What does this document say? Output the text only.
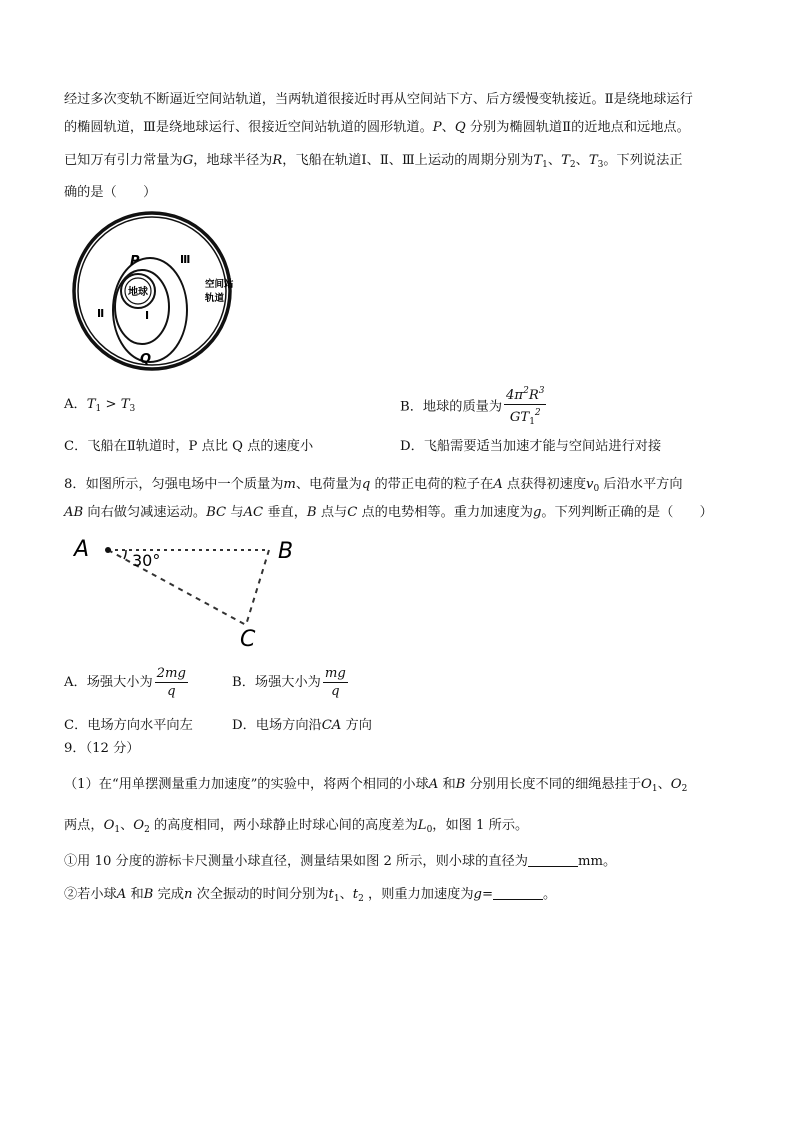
经过多次变轨不断逼近空间站轨道，当两轨道很接近时再从空间站下方、后方缓慢变轨接近。Ⅱ是绕地球运行
的椭圆轨道，Ⅲ是绕地球运行、很接近空间站轨道的圆形轨道。P、Q 分别为椭圆轨道Ⅱ的近地点和远地点。
已知万有引力常量为G，地球半径为R，飞船在轨道Ⅰ、Ⅱ、Ⅲ上运动的周期分别为$T_1$、$T_2$、$T_3$。下列说法正
确的是（　　）
地球
P
Q
Ⅰ
Ⅱ
Ⅲ
空间站
轨道
A．$T_1 > T_3$	B．地球的质量为 $\frac{4\pi^2R^3}{GT_1^2}$
C．飞船在Ⅱ轨道时，P 点比 Q 点的速度小	D．飞船需要适当加速才能与空间站进行对接
8．如图所示，匀强电场中一个质量为m、电荷量为q 的带正电荷的粒子在A 点获得初速度$v_0$ 后沿水平方向
AB 向右做匀减速运动。BC 与AC 垂直，B 点与C 点的电势相等。重力加速度为g。下列判断正确的是（　　）
A	B
C
30°
A．场强大小为 $\frac{2mg}{q}$	B．场强大小为 $\frac{mg}{q}$
C．电场方向水平向左	D．电场方向沿CA 方向
9．（12 分）
（1）在“用单摆测量重力加速度”的实验中，将两个相同的小球A 和B 分别用长度不同的细绳悬挂于$O_1$、$O_2$
两点，$O_1$、$O_2$ 的高度相同，两小球静止时球心间的高度差为$L_0$，如图 1 所示。
①用 10 分度的游标卡尺测量小球直径，测量结果如图 2 所示，则小球的直径为	mm。
②若小球A 和B 完成n 次全振动的时间分别为$t_1$、$t_2$ ，则重力加速度为g=	。
